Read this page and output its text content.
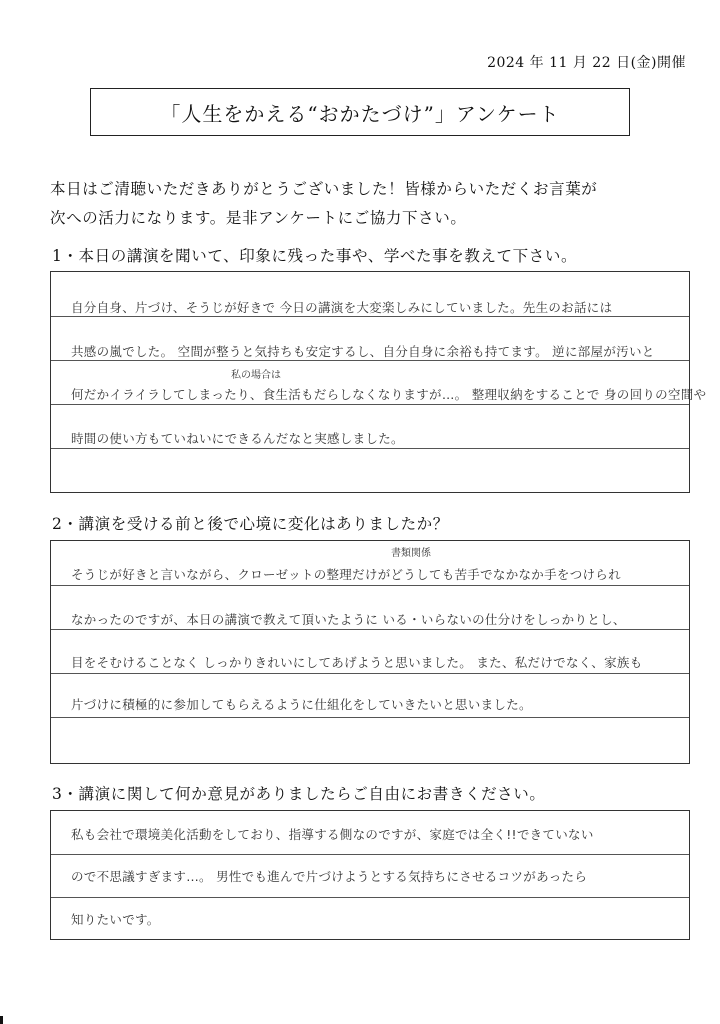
2024 年 11 月 22 日(金)開催
「人生をかえる“おかたづけ”」アンケート
本日はご清聴いただきありがとうございました！皆様からいただくお言葉が
次への活力になります。是非アンケートにご協力下さい。
1・本日の講演を聞いて、印象に残った事や、学べた事を教えて下さい。
自分自身、片づけ、そうじが好きで 今日の講演を大変楽しみにしていました。先生のお話には
共感の嵐でした。 空間が整うと気持ちも安定するし、自分自身に余裕も持てます。 逆に部屋が汚いと
私の場合は
何だかイライラしてしまったり、食生活もだらしなくなりますが…。 整理収納をすることで 身の回りの空間や
時間の使い方もていねいにできるんだなと実感しました。
2・講演を受ける前と後で心境に変化はありましたか？
書類関係
そうじが好きと言いながら、クローゼットの整理だけがどうしても苦手でなかなか手をつけられ
なかったのですが、本日の講演で教えて頂いたように いる・いらないの仕分けをしっかりとし、
目をそむけることなく しっかりきれいにしてあげようと思いました。 また、私だけでなく、家族も
片づけに積極的に参加してもらえるように仕組化をしていきたいと思いました。
3・講演に関して何か意見がありましたらご自由にお書きください。
私も会社で環境美化活動をしており、指導する側なのですが、家庭では全く!!できていない
ので不思議すぎます…。 男性でも進んで片づけようとする気持ちにさせるコツがあったら
知りたいです。
